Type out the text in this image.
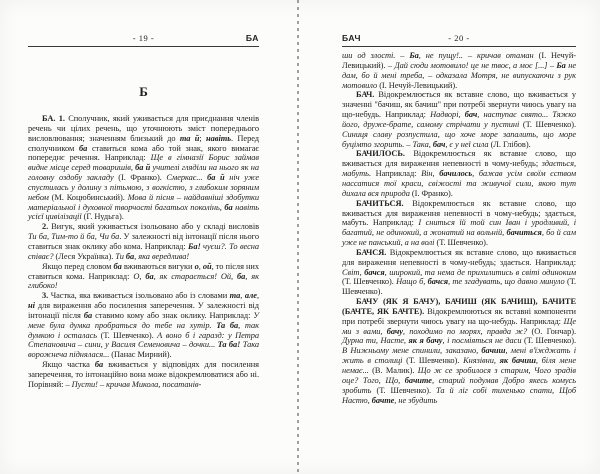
- 19 -	БА
Б

БА. 1. Сполучник, який уживається для приєднання членів речень чи цілих речень, що уточнюють зміст попереднього висловлювання; значенням близький до та й; навіть. Перед сполучником ба ставиться кома або той знак, якого вимагає попереднє речення. Наприклад: Ще в гімназії Борис займав видне місце серед товаришів, ба й учителі гляділи на нього як на головну оздобу закладу (І. Франко). Смеркає... ба й ніч уже спустилась у долину з пітьмою, з вогкістю, з глибоким зоряним небом (М. Коцюбинський). Мова й пісня – найдавніші здобутки матеріальної і духовної творчості багатьох поколінь, ба навіть усієї цивілізації (Г. Нудьга).

2. Вигук, який уживається ізольовано або у складі висловів Ти ба, Тим-то й ба, Чи ба. У залежності від інтонації після нього ставиться знак оклику або кома. Наприклад: Ба! чуєш?. То весна співає? (Леся Українка). Ти ба, яка вередлива!

Якщо перед словом ба вживаються вигуки о, ой, то після них ставиться кома. Наприклад: О, ба, як старається! Ой, ба, як глибоко!

3. Частка, яка вживається ізольовано або із словами та, але, ні для вираження або посилення заперечення. У залежності від інтонації після ба ставимо кому або знак оклику. Наприклад: У мене була думка пробраться до тебе на хутір. Та ба, так думкою і осталась (Т. Шевченко). А воно б і гаразд: у Петра Степановича – сини, у Василя Семеновича – дочки... Та ба! Така ворожнеча піднялася... (Панас Мирний).

Якщо частка ба вживається у відповідях для посилення заперечення, то інтонаційно вона може відокремлюватися або ні. Порівняй: – Пусти! – кричав Микола, посатанів-

БАЧ	- 20 -

ши од злості. – Ба, не пущу!.. – кричав отаман (І. Нечуй-Левицький). – Дай сюди мотовило! це не твоє, а моє [...] – Ба не дам, бо й мені треба, – одказала Мотря, не випускаючи з рук мотовило (І. Нечуй-Левицький).

БАЧ. Відокремлюється як вставне слово, що вживається у значенні "бачиш, як бачиш" при потребі звернути чиюсь увагу на що-небудь. Наприклад: Надворі, бач, наступає свято... Тяжко його, друже-брате, самому стрічати у пустині (Т. Шевченко). Синиця славу розпустила, що хоче море запалить, що море буцімто згорить. – Така, бач, є у неї сила (Л. Глібов).

БАЧИЛОСЬ. Відокремлюється як вставне слово, що вживається для вираження непевності в чому-небудь; здається, мабуть. Наприклад: Він, бачилось, бажав усім своїм єством нассатися тої краси, свіжості та живучої сили, якою тут дихала вся природа (І. Франко).

БАЧИТЬСЯ. Відокремлюється як вставне слово, що вживається для вираження непевності в чому-небудь; здається, мабуть. Наприклад: І сниться їй той син Іван і уродливий, і багатий, не одинокий, а жонатий на вольній, бачиться, бо й сам уже не панський, а на волі (Т. Шевченко).

БАЧСЯ. Відокремлюється як вставне слово, що вживається для вираження непевності в чому-небудь; здається. Наприклад: Світ, бачся, широкий, та нема де прихилитись в світі одиноким (Т. Шевченко). Нащо б, бачся, те згадувать, що давно минуло (Т. Шевченко).

БАЧУ (ЯК Я БАЧУ), БАЧИШ (ЯК БАЧИШ), БАЧИТЕ (БАЧТЕ, ЯК БАЧТЕ). Відокремлюються як вставні компоненти при потребі звернути чиюсь увагу на що-небудь. Наприклад: Ще ми з вами, бачу, походимо по морях, правда ж? (О. Гончар). Дурна ти, Насте, як я бачу, і посміяться не даси (Т. Шевченко). В Нижньому мене спинили, заказано, бачиш, мені в'їжджать і жить в столиці (Т. Шевченко). Князівни, як бачиш, біля мене немає... (В. Малик). Що ж се зробилося з старим, Чого зрадів оце? Того, Що, бачите, старий подумав Добро якесь комусь зробить (Т. Шевченко). Та й ліг собі тихенько спати, Щоб Настю, бачте, не збудить
